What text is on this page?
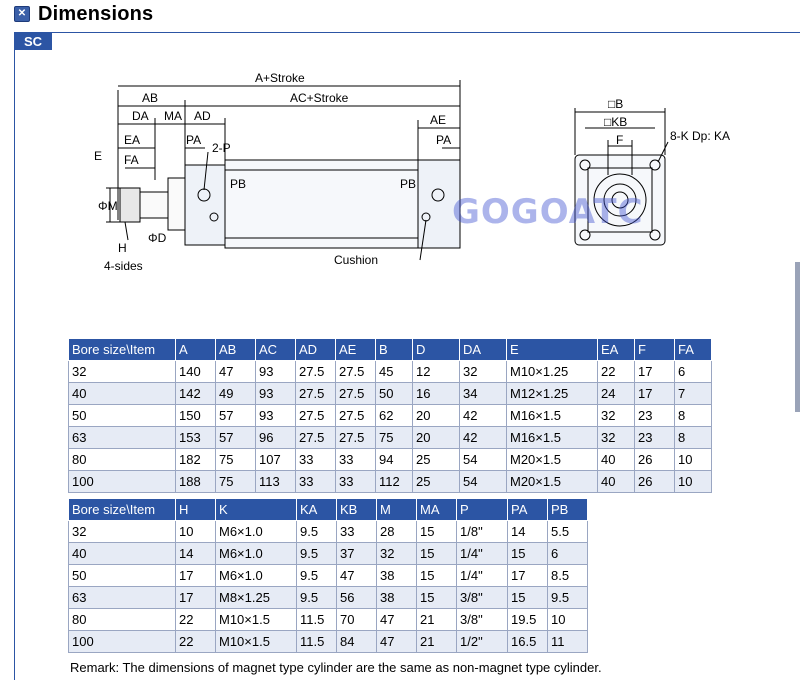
✕ Dimensions
SC
A+Stroke
AC+Stroke
AB
DA MA AD
EA
FA
PA
2-P
PB
E
ΦM
ΦD
H
4-sides
AE
PA
PB
Cushion
□B
□KB
F	8-K Dp: KA
GOGOATC
Bore size\Item	A	AB	AC	AD	AE	B	D	DA	E	EA	F	FA
32	140	47	93	27.5	27.5	45	12	32	M10×1.25	22	17	6
40	142	49	93	27.5	27.5	50	16	34	M12×1.25	24	17	7
50	150	57	93	27.5	27.5	62	20	42	M16×1.5	32	23	8
63	153	57	96	27.5	27.5	75	20	42	M16×1.5	32	23	8
80	182	75	107	33	33	94	25	54	M20×1.5	40	26	10
100	188	75	113	33	33	112	25	54	M20×1.5	40	26	10
Bore size\Item	H	K	KA	KB	M	MA	P	PA	PB
32	10	M6×1.0	9.5	33	28	15	1/8"	14	5.5
40	14	M6×1.0	9.5	37	32	15	1/4"	15	6
50	17	M6×1.0	9.5	47	38	15	1/4"	17	8.5
63	17	M8×1.25	9.5	56	38	15	3/8"	15	9.5
80	22	M10×1.5	11.5	70	47	21	3/8"	19.5	10
100	22	M10×1.5	11.5	84	47	21	1/2"	16.5	11
Remark: The dimensions of magnet type cylinder are the same as non-magnet type cylinder.
